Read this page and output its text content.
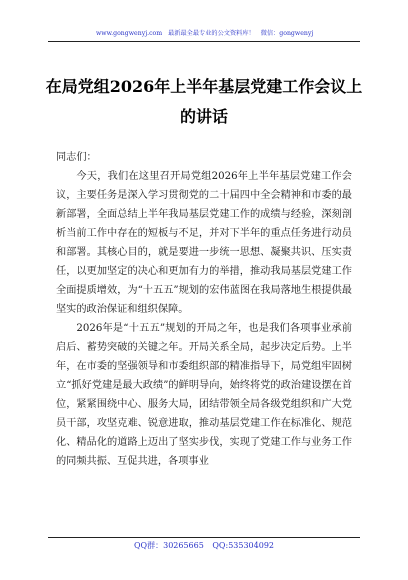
www.gongwenyj.com 最新最全最专业的公文资料库！ 微信：gongwenyj
在局党组2026年上半年基层党建工作会议上的讲话

同志们：

今天，我们在这里召开局党组2026年上半年基层党建工作会议，主要任务是深入学习贯彻党的二十届四中全会精神和市委的最新部署，全面总结上半年我局基层党建工作的成绩与经验，深刻剖析当前工作中存在的短板与不足，并对下半年的重点任务进行动员和部署。其核心目的，就是要进一步统一思想、凝聚共识、压实责任，以更加坚定的决心和更加有力的举措，推动我局基层党建工作全面提质增效，为“十五五”规划的宏伟蓝图在我局落地生根提供最坚实的政治保证和组织保障。

2026年是“十五五”规划的开局之年，也是我们各项事业承前启后、蓄势突破的关键之年。开局关系全局，起步决定后势。上半年，在市委的坚强领导和市委组织部的精准指导下，局党组牢固树立“抓好党建是最大政绩”的鲜明导向，始终将党的政治建设摆在首位，紧紧围绕中心、服务大局，团结带领全局各级党组织和广大党员干部，攻坚克难、锐意进取，推动基层党建工作在标准化、规范化、精品化的道路上迈出了坚实步伐，实现了党建工作与业务工作的同频共振、互促共进，各项事业

QQ群：30265665 QQ:535304092
